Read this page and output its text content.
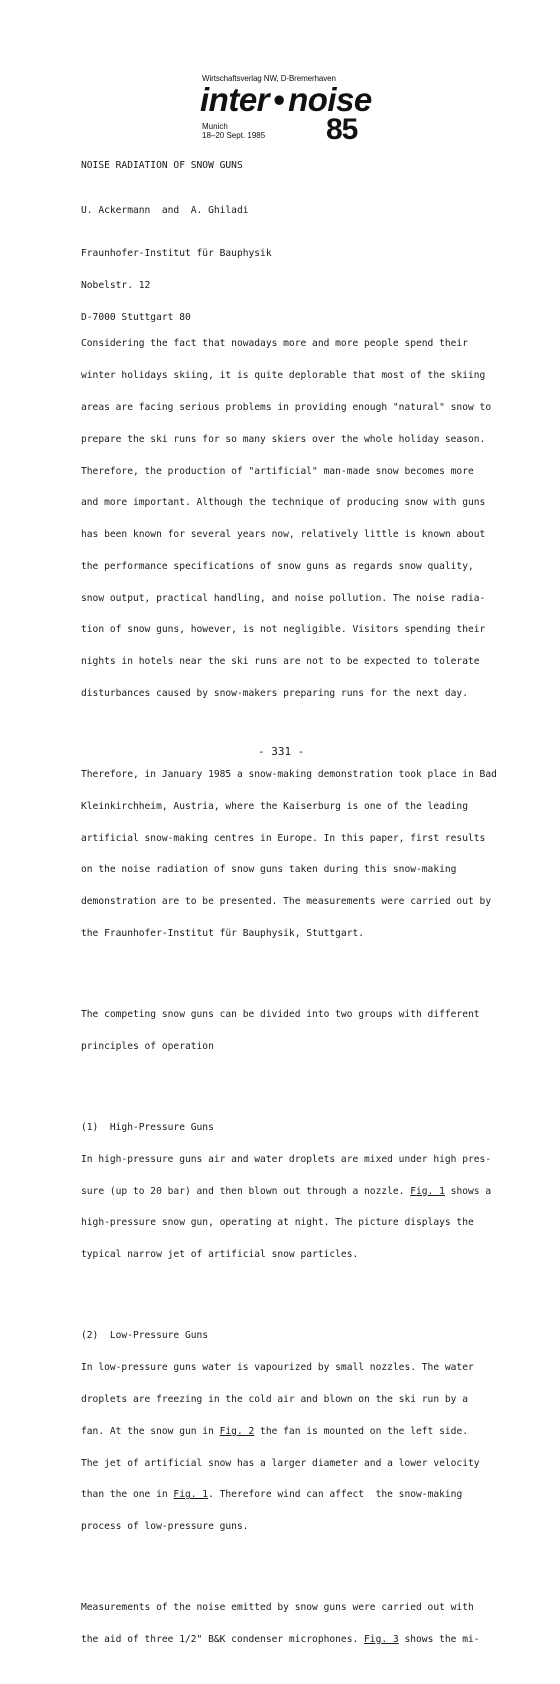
Wirtschaftsverlag NW, D-Bremerhaven
inter • noise
Munich
18–20 Sept. 1985 85
NOISE RADIATION OF SNOW GUNS
U. Ackermann  and  A. Ghiladi

Fraunhofer-Institut für Bauphysik

Nobelstr. 12

D-7000 Stuttgart 80

Considering the fact that nowadays more and more people spend their

winter holidays skiing, it is quite deplorable that most of the skiing

areas are facing serious problems in providing enough "natural" snow to

prepare the ski runs for so many skiers over the whole holiday season.

Therefore, the production of "artificial" man-made snow becomes more

and more important. Although the technique of producing snow with guns

has been known for several years now, relatively little is known about

the performance specifications of snow guns as regards snow quality,

snow output, practical handling, and noise pollution. The noise radia-

tion of snow guns, however, is not negligible. Visitors spending their

nights in hotels near the ski runs are not to be expected to tolerate

disturbances caused by snow-makers preparing runs for the next day.

Therefore, in January 1985 a snow-making demonstration took place in Bad

Kleinkirchheim, Austria, where the Kaiserburg is one of the leading

artificial snow-making centres in Europe. In this paper, first results

on the noise radiation of snow guns taken during this snow-making

demonstration are to be presented. The measurements were carried out by

the Fraunhofer-Institut für Bauphysik, Stuttgart.

The competing snow guns can be divided into two groups with different

principles of operation

(1)  High-Pressure Guns

In high-pressure guns air and water droplets are mixed under high pres-

sure (up to 20 bar) and then blown out through a nozzle. Fig. 1 shows a

high-pressure snow gun, operating at night. The picture displays the

typical narrow jet of artificial snow particles.

(2)  Low-Pressure Guns

In low-pressure guns water is vapourized by small nozzles. The water

droplets are freezing in the cold air and blown on the ski run by a

fan. At the snow gun in Fig. 2 the fan is mounted on the left side.

The jet of artificial snow has a larger diameter and a lower velocity

than the one in Fig. 1. Therefore wind can affect  the snow-making

process of low-pressure guns.

Measurements of the noise emitted by snow guns were carried out with

the aid of three 1/2" B&K condenser microphones. Fig. 3 shows the mi-

- 331 -
